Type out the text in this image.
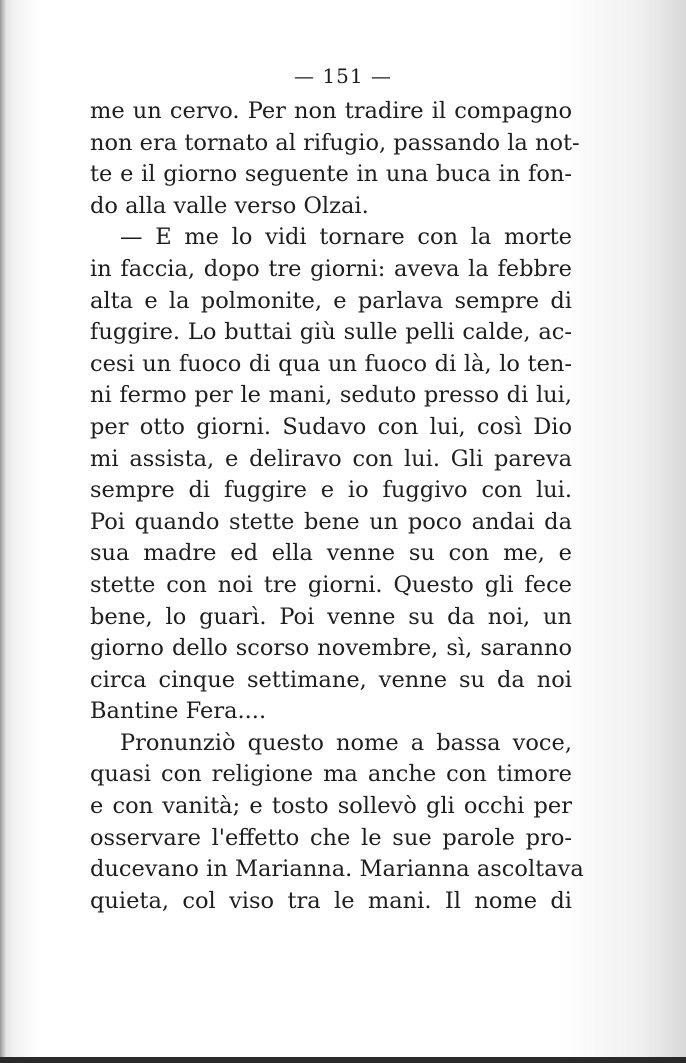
— 151 —
me un cervo. Per non tradire il compagno
non era tornato al rifugio, passando la not-
te e il giorno seguente in una buca in fon-
do alla valle verso Olzai.
— E me lo vidi tornare con la morte
in faccia, dopo tre giorni: aveva la febbre
alta e la polmonite, e parlava sempre di
fuggire. Lo buttai giù sulle pelli calde, ac-
cesi un fuoco di qua un fuoco di là, lo ten-
ni fermo per le mani, seduto presso di lui,
per otto giorni. Sudavo con lui, così Dio
mi assista, e deliravo con lui. Gli pareva
sempre di fuggire e io fuggivo con lui.
Poi quando stette bene un poco andai da
sua madre ed ella venne su con me, e
stette con noi tre giorni. Questo gli fece
bene, lo guarì. Poi venne su da noi, un
giorno dello scorso novembre, sì, saranno
circa cinque settimane, venne su da noi
Bantine Fera....
Pronunziò questo nome a bassa voce,
quasi con religione ma anche con timore
e con vanità; e tosto sollevò gli occhi per
osservare l'effetto che le sue parole pro-
ducevano in Marianna. Marianna ascoltava
quieta, col viso tra le mani. Il nome di
